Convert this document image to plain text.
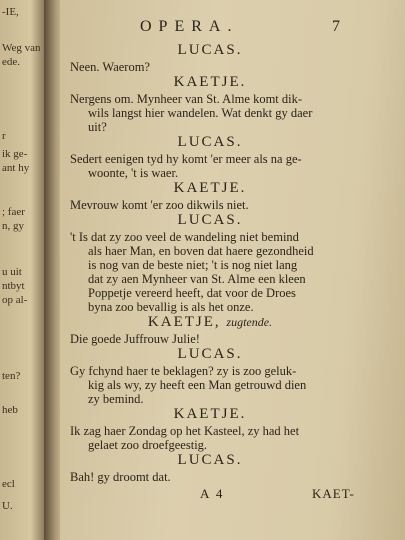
-IE,
Weg van
ede.
r
ik ge-
ant hy
; faer
n, gy
u uit
ntbyt
op al-
ten?
heb
ecl
U.
OPERA.	7
LUCAS.
Neen. Waerom?
KAETJE.
Nergens om. Mynheer van St. Alme komt dik-
wils langst hier wandelen. Wat denkt gy daer
uit?
LUCAS.
Sedert eenigen tyd hy komt 'er meer als na ge-
woonte, 't is waer.
KAETJE.
Mevrouw komt 'er zoo dikwils niet.
LUCAS.
't Is dat zy zoo veel de wandeling niet bemind
als haer Man, en boven dat haere gezondheid
is nog van de beste niet; 't is nog niet lang
dat zy aen Mynheer van St. Alme een kleen
Poppetje vereerd heeft, dat voor de Droes
byna zoo bevallig is als het onze.
KAETJE, zugtende.
Die goede Juffrouw Julie!
LUCAS.
Gy fchynd haer te beklagen? zy is zoo geluk-
kig als wy, zy heeft een Man getrouwd dien
zy bemind.
KAETJE.
Ik zag haer Zondag op het Kasteel, zy had het
gelaet zoo droefgeestig.
LUCAS.
Bah! gy droomt dat.
A 4	KAET-
